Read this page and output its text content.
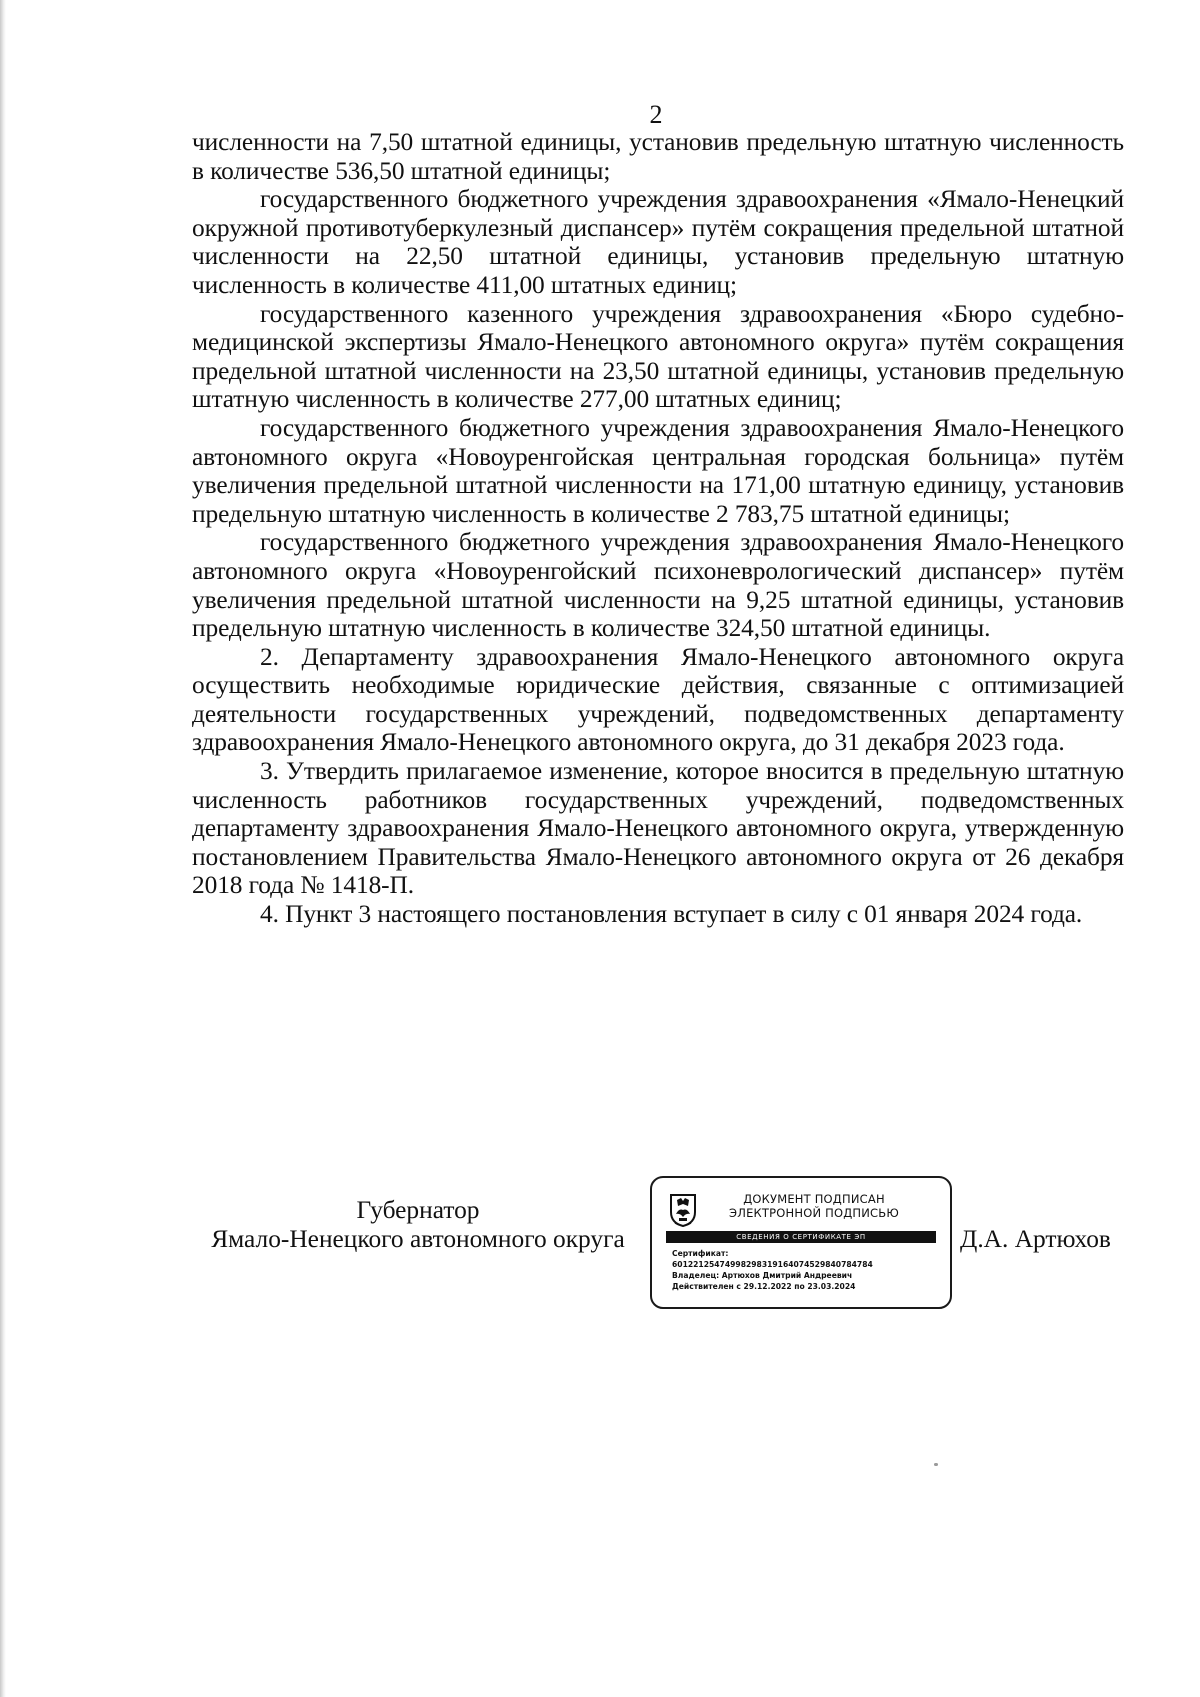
2

численности на 7,50 штатной единицы, установив предельную штатную численность в количестве 536,50 штатной единицы;

государственного бюджетного учреждения здравоохранения «Ямало-Ненецкий окружной противотуберкулезный диспансер» путём сокращения предельной штатной численности на 22,50 штатной единицы, установив предельную штатную численность в количестве 411,00 штатных единиц;

государственного казенного учреждения здравоохранения «Бюро судебно-медицинской экспертизы Ямало-Ненецкого автономного округа» путём сокращения предельной штатной численности на 23,50 штатной единицы, установив предельную штатную численность в количестве 277,00 штатных единиц;

государственного бюджетного учреждения здравоохранения Ямало-Ненецкого автономного округа «Новоуренгойская центральная городская больница» путём увеличения предельной штатной численности на 171,00 штатную единицу, установив предельную штатную численность в количестве 2 783,75 штатной единицы;

государственного бюджетного учреждения здравоохранения Ямало-Ненецкого автономного округа «Новоуренгойский психоневрологический диспансер» путём увеличения предельной штатной численности на 9,25 штатной единицы, установив предельную штатную численность в количестве 324,50 штатной единицы.

2. Департаменту здравоохранения Ямало-Ненецкого автономного округа осуществить необходимые юридические действия, связанные с оптимизацией деятельности государственных учреждений, подведомственных департаменту здравоохранения Ямало-Ненецкого автономного округа, до 31 декабря 2023 года.

3. Утвердить прилагаемое изменение, которое вносится в предельную штатную численность работников государственных учреждений, подведомственных департаменту здравоохранения Ямало-Ненецкого автономного округа, утвержденную постановлением Правительства Ямало-Ненецкого автономного округа от 26 декабря 2018 года № 1418-П.

4. Пункт 3 настоящего постановления вступает в силу с 01 января 2024 года.

Губернатор
Ямало-Ненецкого автономного округа
ДОКУМЕНТ ПОДПИСАН
ЭЛЕКТРОННОЙ ПОДПИСЬЮ
СВЕДЕНИЯ О СЕРТИФИКАТЕ ЭП
Сертификат:
60122125474998298319164074529840784784
Владелец: Артюхов Дмитрий Андреевич
Действителен с 29.12.2022 по 23.03.2024
Д.А. Артюхов
